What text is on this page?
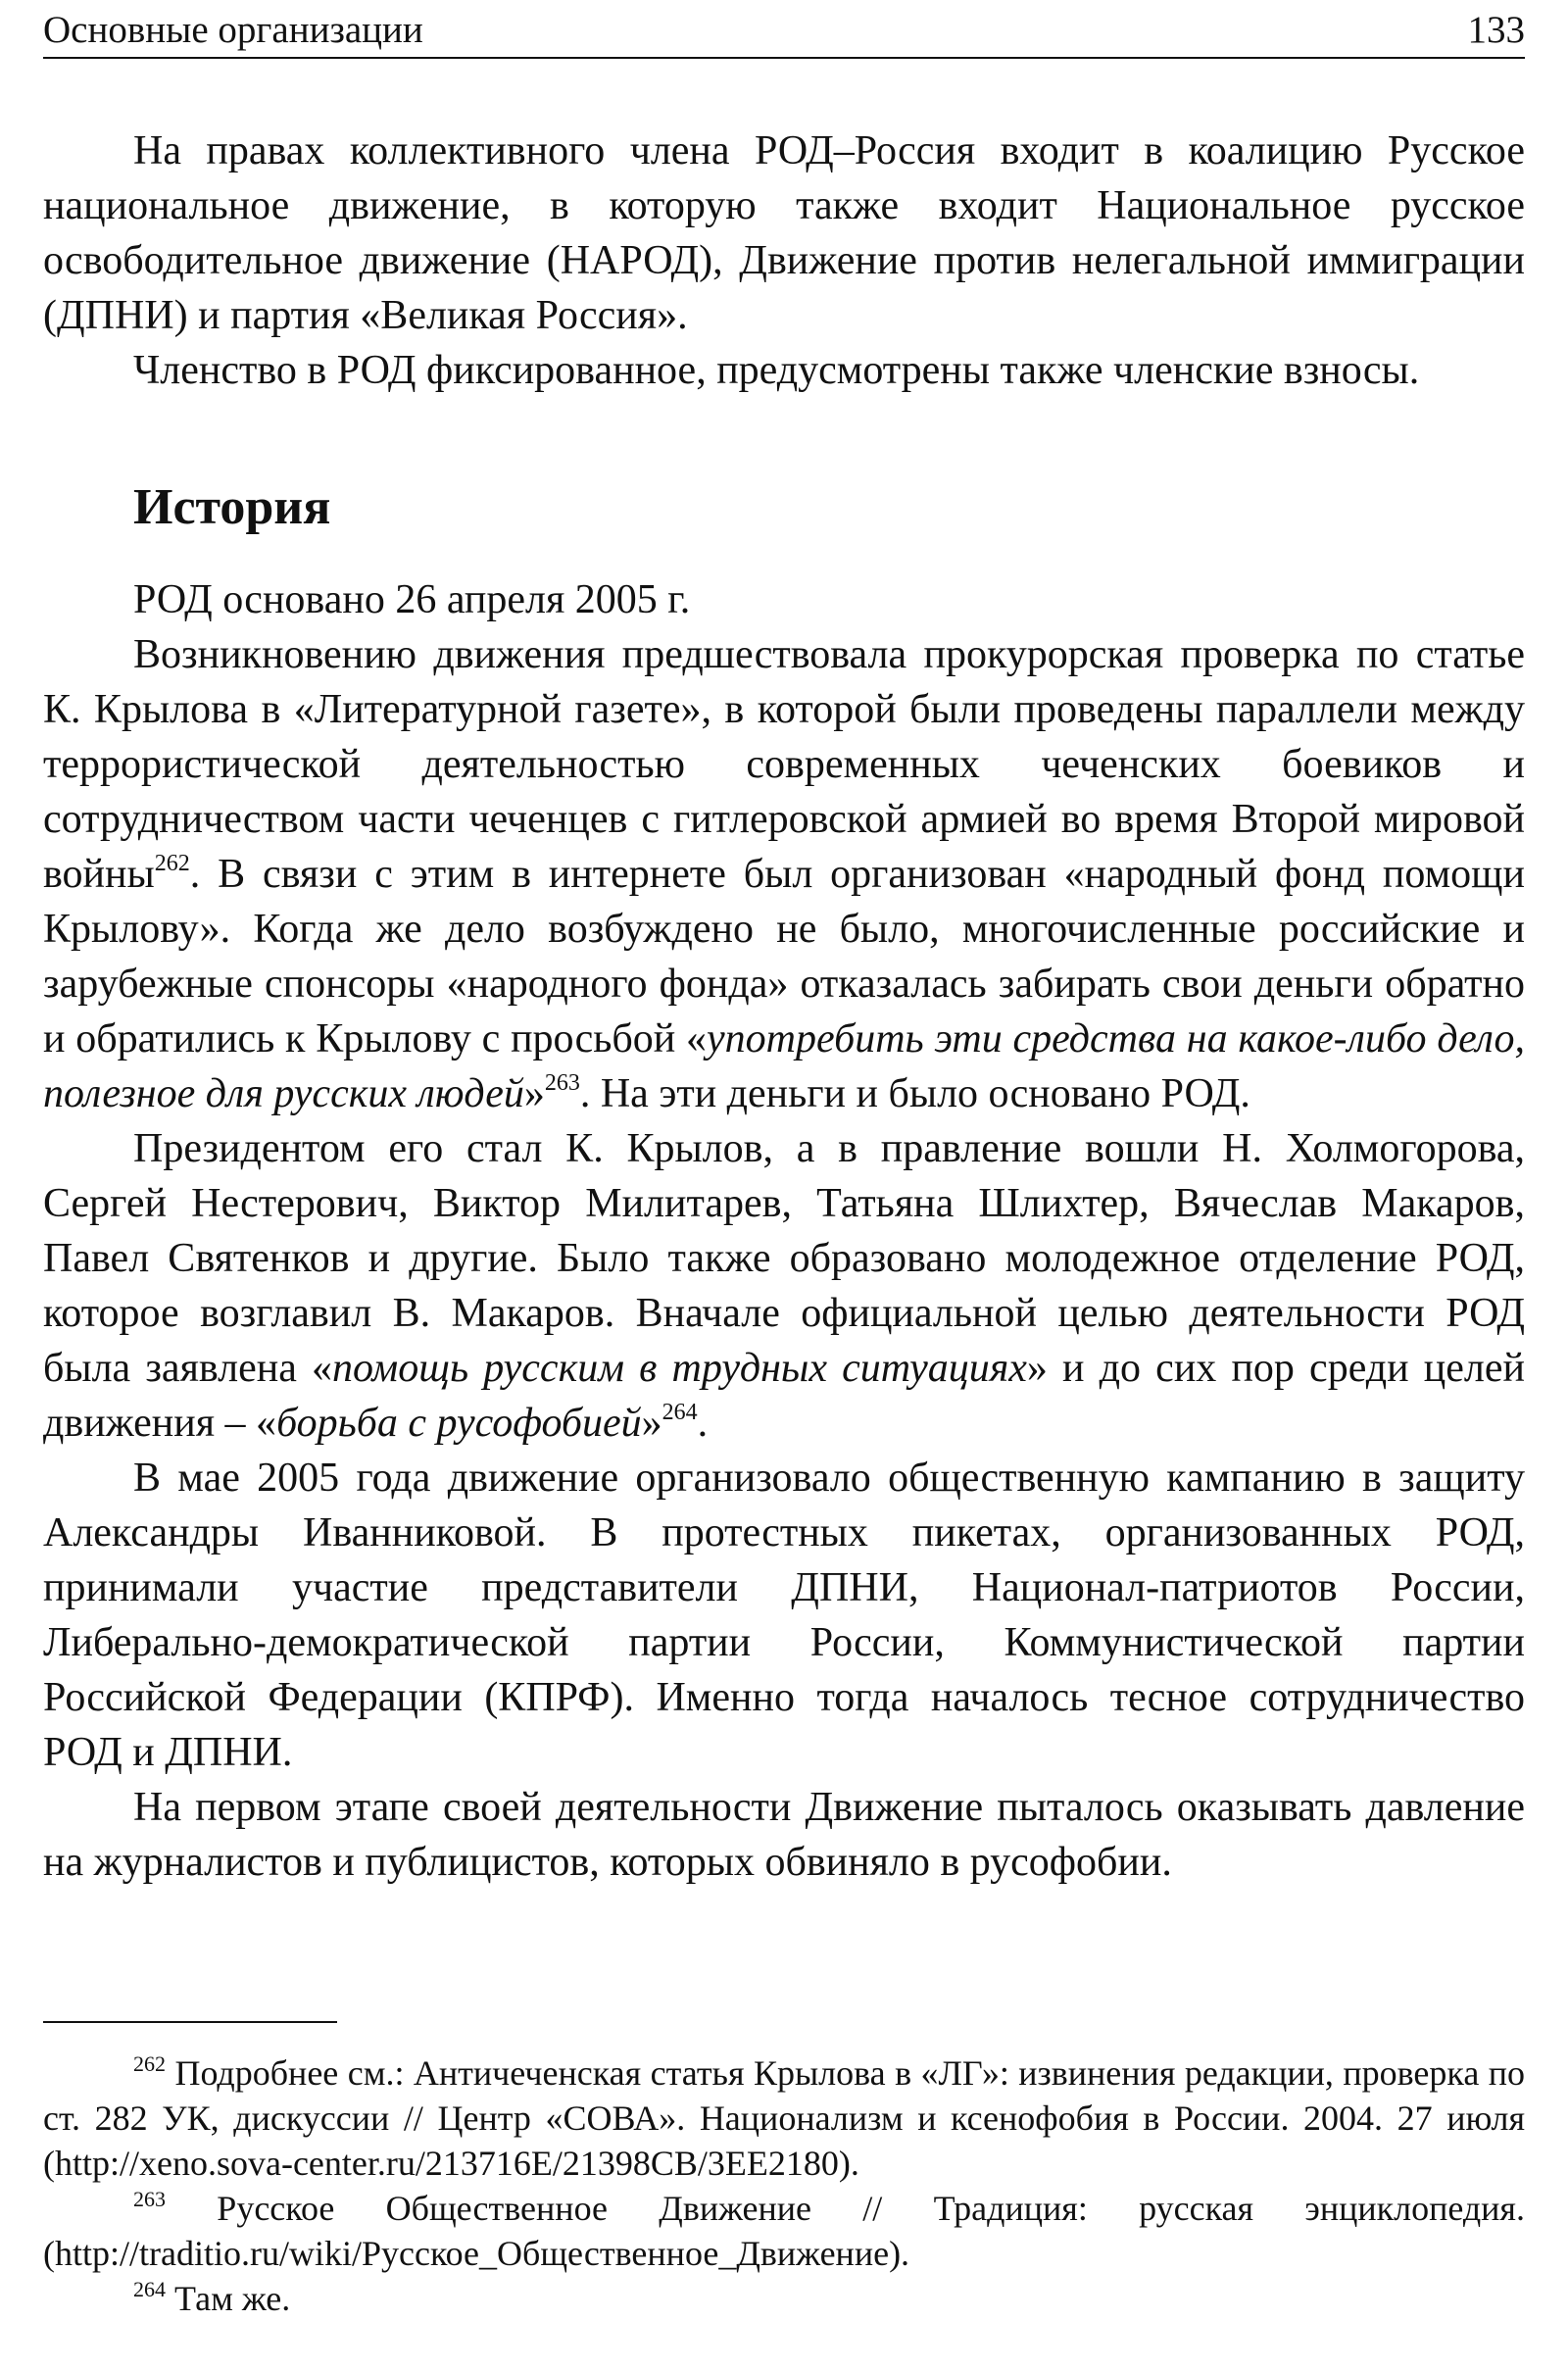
Основные организации	133

На правах коллективного члена РОД–Россия входит в коалицию Русское национальное движение, в которую также входит Национальное русское освободительное движение (НАРОД), Движение против нелегальной иммиграции (ДПНИ) и партия «Великая Россия».

Членство в РОД фиксированное, предусмотрены также членские взносы.

История

РОД основано 26 апреля 2005 г.

Возникновению движения предшествовала прокурорская проверка по статье К. Крылова в «Литературной газете», в которой были проведены параллели между террористической деятельностью современных чеченских боевиков и сотрудничеством части чеченцев с гитлеровской армией во время Второй мировой войны$^{262}$. В связи с этим в интернете был организован «народный фонд помощи Крылову». Когда же дело возбуждено не было, многочисленные российские и зарубежные спонсоры «народного фонда» отказалась забирать свои деньги обратно и обратились к Крылову с просьбой «употребить эти средства на какое-либо дело, полезное для русских людей»$^{263}$. На эти деньги и было основано РОД.

Президентом его стал К. Крылов, а в правление вошли Н. Холмогорова, Сергей Нестерович, Виктор Милитарев, Татьяна Шлихтер, Вячеслав Макаров, Павел Святенков и другие. Было также образовано молодежное отделение РОД, которое возглавил В. Макаров. Вначале официальной целью деятельности РОД была заявлена «помощь русским в трудных ситуациях» и до сих пор среди целей движения – «борьба с русофобией»$^{264}$.

В мае 2005 года движение организовало общественную кампанию в защиту Александры Иванниковой. В протестных пикетах, организованных РОД, принимали участие представители ДПНИ, Национал-патриотов России, Либерально-демократической партии России, Коммунистической партии Российской Федерации (КПРФ). Именно тогда началось тесное сотрудничество РОД и ДПНИ.

На первом этапе своей деятельности Движение пыталось оказывать давление на журналистов и публицистов, которых обвиняло в русофобии.

$^{262}$ Подробнее см.: Античеченская статья Крылова в «ЛГ»: извинения редакции, проверка по ст. 282 УК, дискуссии // Центр «СОВА». Национализм и ксенофобия в России. 2004. 27 июля (http://xeno.sova-center.ru/213716E/21398CB/3EE2180).

$^{263}$ Русское Общественное Движение // Традиция: русская энциклопедия. (http://traditio.ru/wiki/Русское_Общественное_Движение).

$^{264}$ Там же.
